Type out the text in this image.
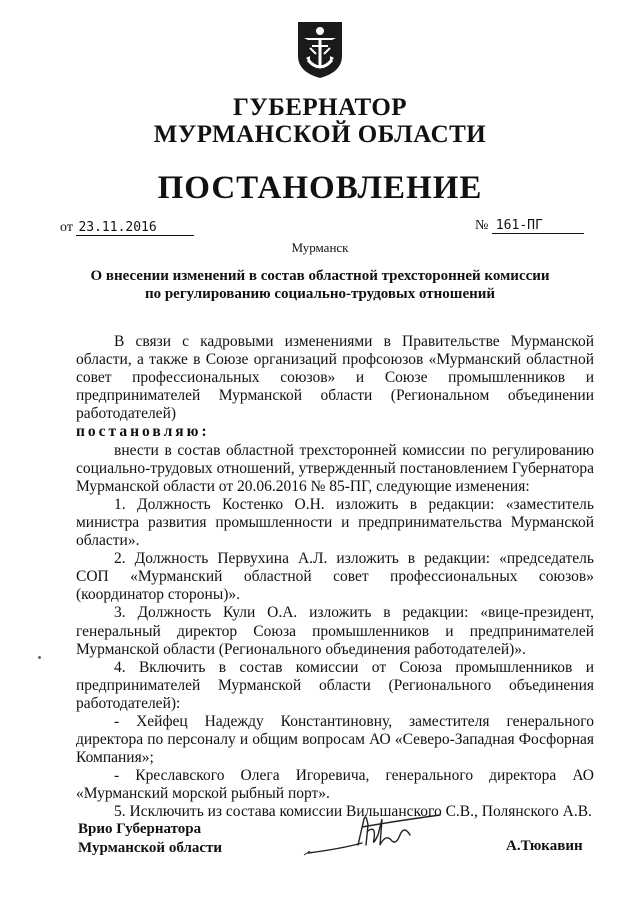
ГУБЕРНАТОР
МУРМАНСКОЙ ОБЛАСТИ
ПОСТАНОВЛЕНИЕ
от 23.11.2016	№ 161-ПГ
Мурманск
О внесении изменений в состав областной трехсторонней комиссии
по регулированию социально-трудовых отношений

В связи с кадровыми изменениями в Правительстве Мурманской области, а также в Союзе организаций профсоюзов «Мурманский областной совет профессиональных союзов» и Союзе промышленников и предпринимателей Мурманской области (Региональном объединении работодателей)
постановляю:

внести в состав областной трехсторонней комиссии по регулированию социально-трудовых отношений, утвержденный постановлением Губернатора Мурманской области от 20.06.2016 № 85-ПГ, следующие изменения:

1. Должность Костенко О.Н. изложить в редакции: «заместитель министра развития промышленности и предпринимательства Мурманской области».

2. Должность Первухина А.Л. изложить в редакции: «председатель СОП «Мурманский областной совет профессиональных союзов» (координатор стороны)».

3. Должность Кули О.А. изложить в редакции: «вице-президент, генеральный директор Союза промышленников и предпринимателей Мурманской области (Регионального объединения работодателей)».

4. Включить в состав комиссии от Союза промышленников и предпринимателей Мурманской области (Регионального объединения работодателей):

- Хейфец Надежду Константиновну, заместителя генерального директора по персоналу и общим вопросам АО «Северо-Западная Фосфорная Компания»;

- Креславского Олега Игоревича, генерального директора АО «Мурманский морской рыбный порт».

5. Исключить из состава комиссии Вильшанского С.В., Полянского А.В.

Врио Губернатора
Мурманской области	А.Тюкавин
